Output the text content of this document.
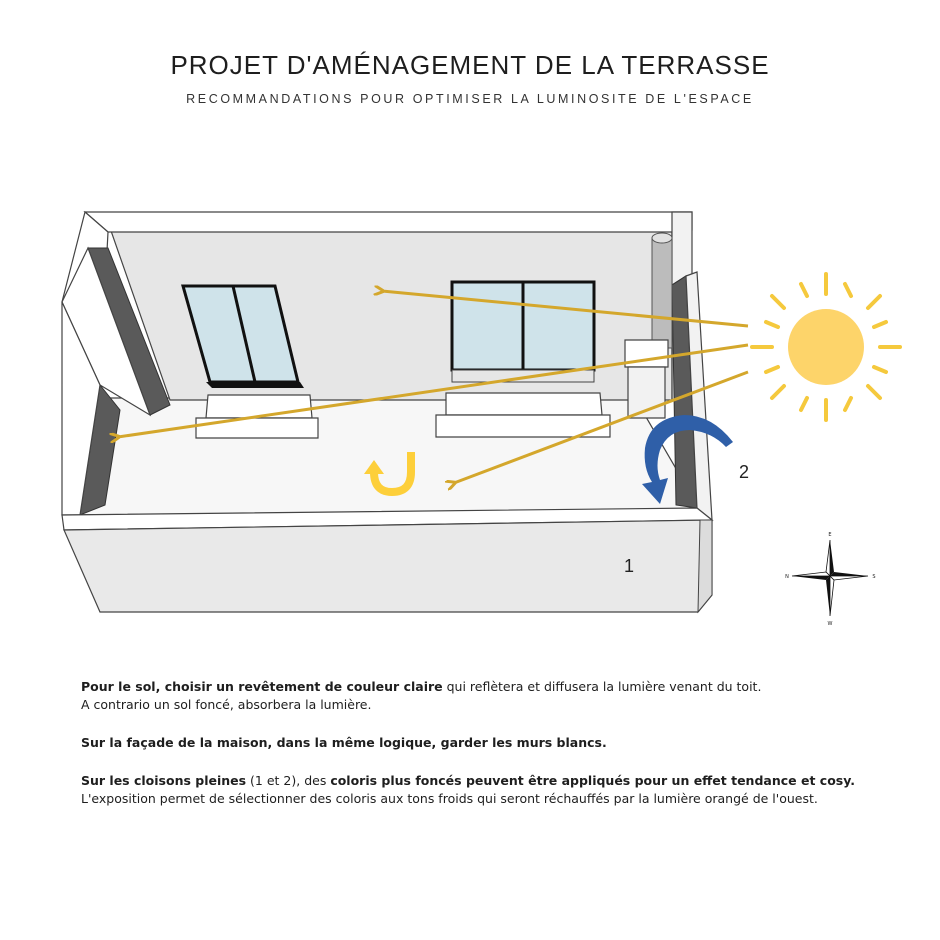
PROJET D'AMÉNAGEMENT DE LA TERRASSE
RECOMMANDATIONS POUR OPTIMISER LA LUMINOSITE DE L'ESPACE
2
1
E
W
N	S

Pour le sol, choisir un revêtement de couleur claire qui reflètera et diffusera la lumière venant du toit.

A contrario un sol foncé, absorbera la lumière.

Sur la façade de la maison, dans la même logique, garder les murs blancs.

Sur les cloisons pleines (1 et 2), des coloris plus foncés peuvent être appliqués pour un effet tendance et cosy.

L'exposition permet de sélectionner des coloris aux tons froids qui seront réchauffés par la lumière orangé de l'ouest.
